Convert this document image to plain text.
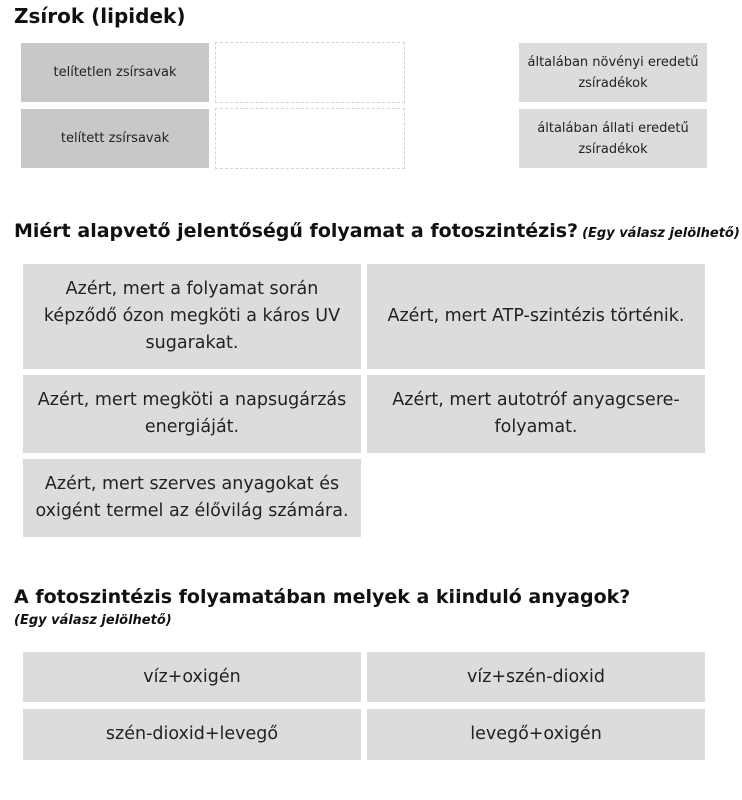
Zsírok (lipidek)
telítetlen zsírsavak
telített zsírsavak
általában növényi eredetű zsíradékok
általában állati eredetű zsíradékok
Miért alapvető jelentőségű folyamat a fotoszintézis? (Egy válasz jelölhető)
Azért, mert a folyamat során képződő ózon megköti a káros UV sugarakat.
Azért, mert ATP-szintézis történik.
Azért, mert megköti a napsugárzás energiáját.
Azért, mert autotróf anyagcsere-folyamat.
Azért, mert szerves anyagokat és oxigént termel az élővilág számára.
A fotoszintézis folyamatában melyek a kiinduló anyagok?
(Egy válasz jelölhető)
víz+oxigén	víz+szén-dioxid
szén-dioxid+levegő	levegő+oxigén
